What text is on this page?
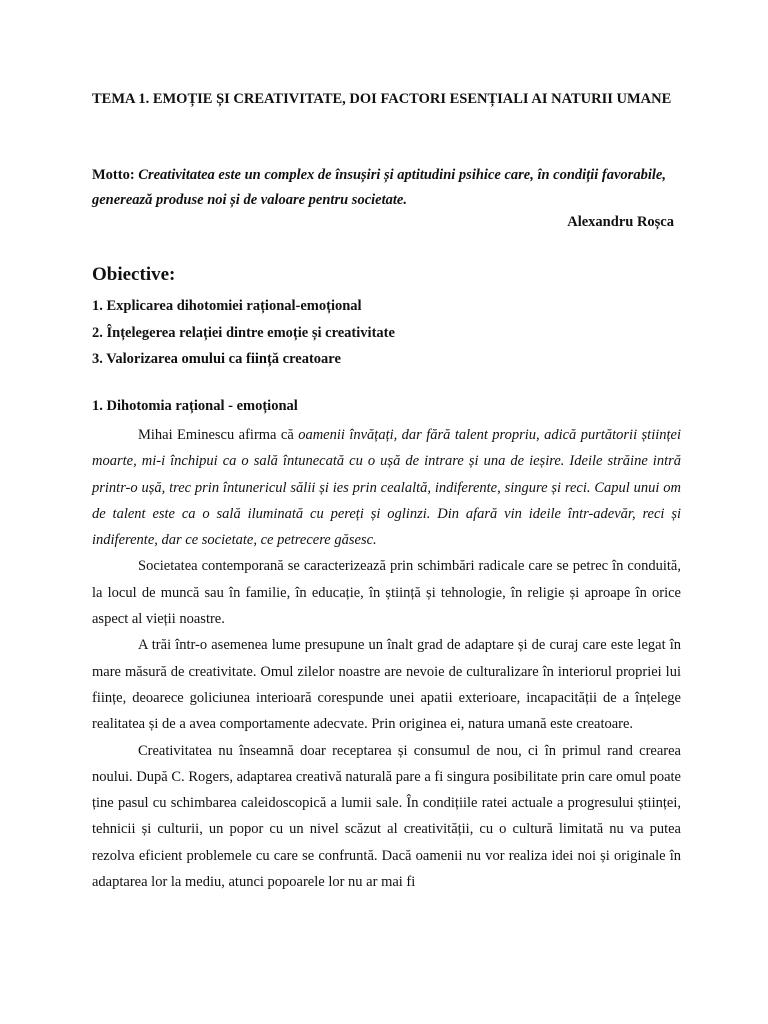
TEMA 1. EMOȚIE ȘI CREATIVITATE, DOI FACTORI ESENȚIALI AI NATURII UMANE
Motto: Creativitatea este un complex de însușiri și aptitudini psihice care, în condiții favorabile, generează produse noi și de valoare pentru societate.
Alexandru Roșca
Obiective:
1. Explicarea dihotomiei rațional-emoțional
2. Înțelegerea relației dintre emoție și creativitate
3. Valorizarea omului ca ființă creatoare
1. Dihotomia rațional - emoțional

Mihai Eminescu afirma că oamenii învățați, dar fără talent propriu, adică purtătorii științei moarte, mi-i închipui ca o sală întunecată cu o ușă de intrare și una de ieșire. Ideile străine intră printr-o ușă, trec prin întunericul sălii și ies prin cealaltă, indiferente, singure și reci. Capul unui om de talent este ca o sală iluminată cu pereți și oglinzi. Din afară vin ideile într-adevăr, reci și indiferente, dar ce societate, ce petrecere găsesc.

Societatea contemporană se caracterizează prin schimbări radicale care se petrec în conduită, la locul de muncă sau în familie, în educație, în știință și tehnologie, în religie și aproape în orice aspect al vieții noastre.

A trăi într-o asemenea lume presupune un înalt grad de adaptare și de curaj care este legat în mare măsură de creativitate. Omul zilelor noastre are nevoie de culturalizare în interiorul propriei lui ființe, deoarece goliciunea interioară corespunde unei apatii exterioare, incapacității de a înțelege realitatea și de a avea comportamente adecvate. Prin originea ei, natura umană este creatoare.

Creativitatea nu înseamnă doar receptarea și consumul de nou, ci în primul rand crearea noului. După C. Rogers, adaptarea creativă naturală pare a fi singura posibilitate prin care omul poate ține pasul cu schimbarea caleidoscopică a lumii sale. În condițiile ratei actuale a progresului științei, tehnicii și culturii, un popor cu un nivel scăzut al creativității, cu o cultură limitată nu va putea rezolva eficient problemele cu care se confruntă. Dacă oamenii nu vor realiza idei noi și originale în adaptarea lor la mediu, atunci popoarele lor nu ar mai fi
